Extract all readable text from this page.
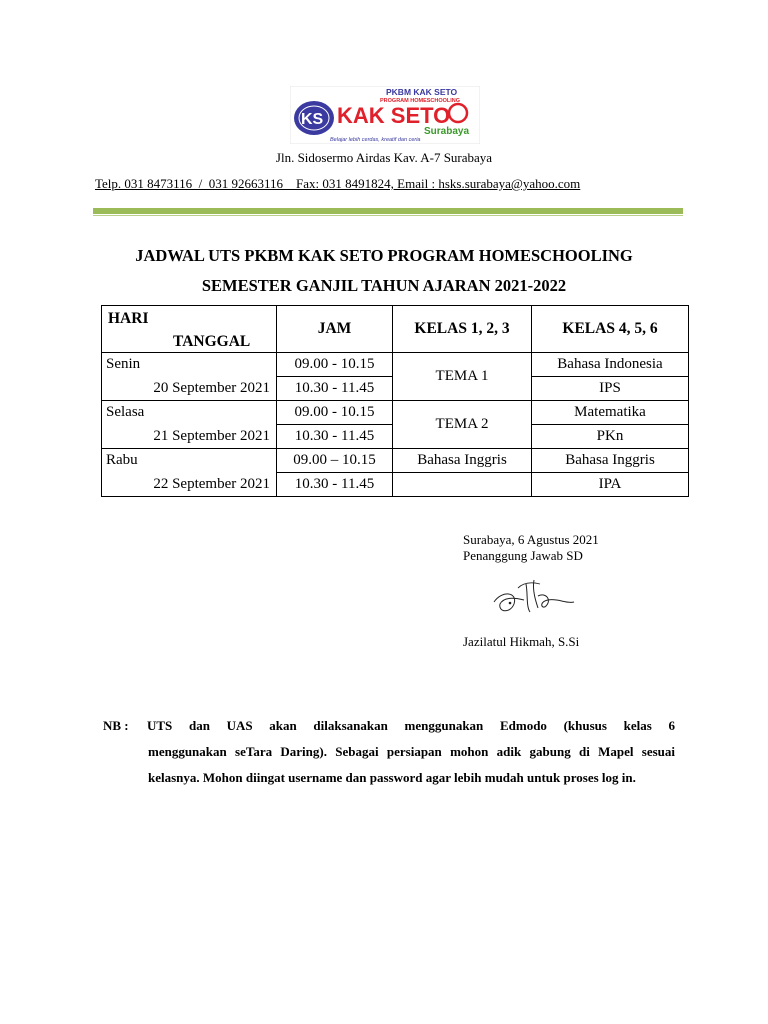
PKBM KAK SETO
PROGRAM HOMESCHOOLING
KS KAK SETO
Surabaya
Belajar lebih cerdas, kreatif dan ceria
Jln. Sidosermo Airdas Kav. A-7 Surabaya
Telp. 031 8473116  /  031 92663116    Fax: 031 8491824, Email : hsks.surabaya@yahoo.com
JADWAL UTS PKBM KAK SETO PROGRAM HOMESCHOOLING
SEMESTER GANJIL TAHUN AJARAN 2021-2022
HARI
TANGGAL	JAM	KELAS 1, 2, 3	KELAS 4, 5, 6
Senin	09.00 - 10.15	TEMA 1	Bahasa Indonesia
20 September 2021	10.30 - 11.45		IPS
Selasa	09.00 - 10.15	TEMA 2	Matematika
21 September 2021	10.30 - 11.45		PKn
Rabu	09.00 – 10.15	Bahasa Inggris	Bahasa Inggris
22 September 2021	10.30 - 11.45		IPA
Surabaya, 6 Agustus 2021
Penanggung Jawab SD
Jazilatul Hikmah, S.Si
NB : UTS dan UAS akan dilaksanakan menggunakan Edmodo (khusus kelas 6
menggunakan seTara Daring). Sebagai persiapan mohon adik gabung di Mapel sesuai kelasnya. Mohon diingat username dan password agar lebih mudah untuk proses log in.
